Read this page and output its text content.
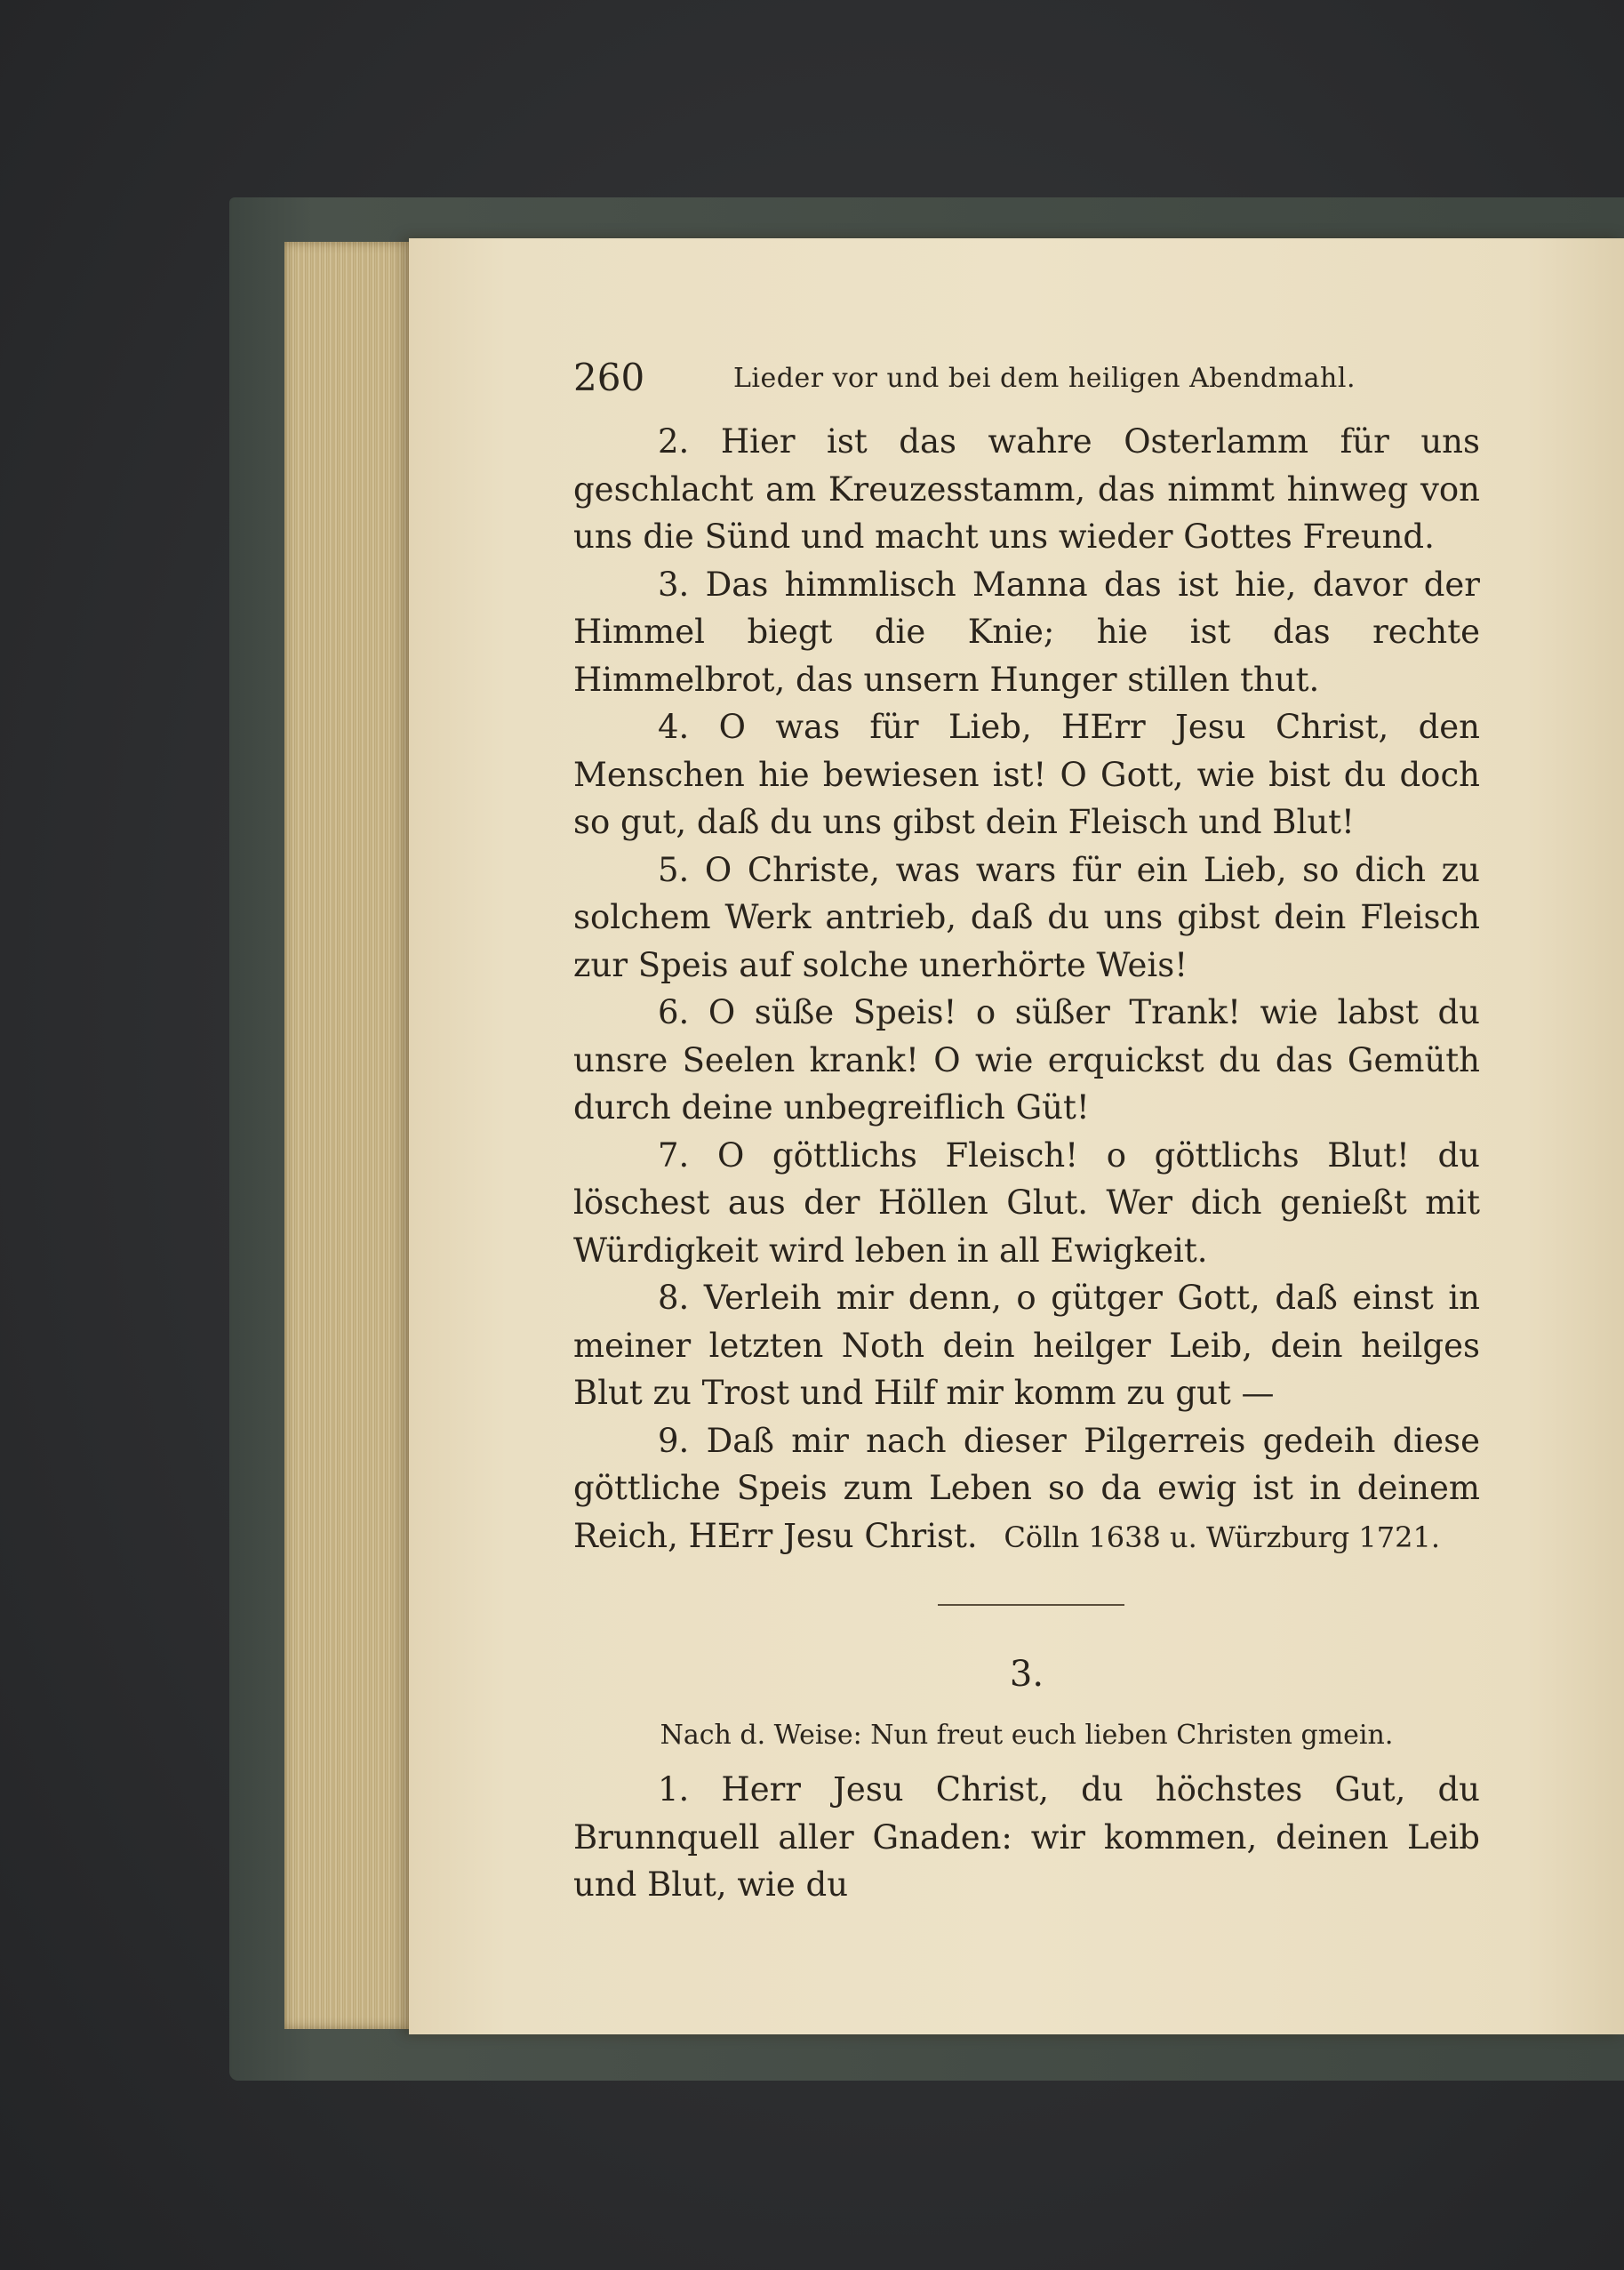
260	Lieder vor und bei dem heiligen Abendmahl.

2. Hier ist das wahre Osterlamm für uns geschlacht am Kreuzesstamm, das nimmt hinweg von uns die Sünd und macht uns wieder Gottes Freund.

3. Das himmlisch Manna das ist hie, davor der Himmel biegt die Knie; hie ist das rechte Himmelbrot, das unsern Hunger stillen thut.

4. O was für Lieb, HErr Jesu Christ, den Menschen hie bewiesen ist! O Gott, wie bist du doch so gut, daß du uns gibst dein Fleisch und Blut!

5. O Christe, was wars für ein Lieb, so dich zu solchem Werk antrieb, daß du uns gibst dein Fleisch zur Speis auf solche unerhörte Weis!

6. O süße Speis! o süßer Trank! wie labst du unsre Seelen krank! O wie erquickst du das Gemüth durch deine unbegreiflich Güt!

7. O göttlichs Fleisch! o göttlichs Blut! du löschest aus der Höllen Glut. Wer dich genießt mit Würdigkeit wird leben in all Ewigkeit.

8. Verleih mir denn, o gütger Gott, daß einst in meiner letzten Noth dein heilger Leib, dein heilges Blut zu Trost und Hilf mir komm zu gut —

9. Daß mir nach dieser Pilgerreis gedeih diese göttliche Speis zum Leben so da ewig ist in deinem Reich, HErr Jesu Christ. Cölln 1638 u. Würzburg 1721.
3.
Nach d. Weise: Nun freut euch lieben Christen gmein.

1. Herr Jesu Christ, du höchstes Gut, du Brunnquell aller Gnaden: wir kommen, deinen Leib und Blut, wie du
